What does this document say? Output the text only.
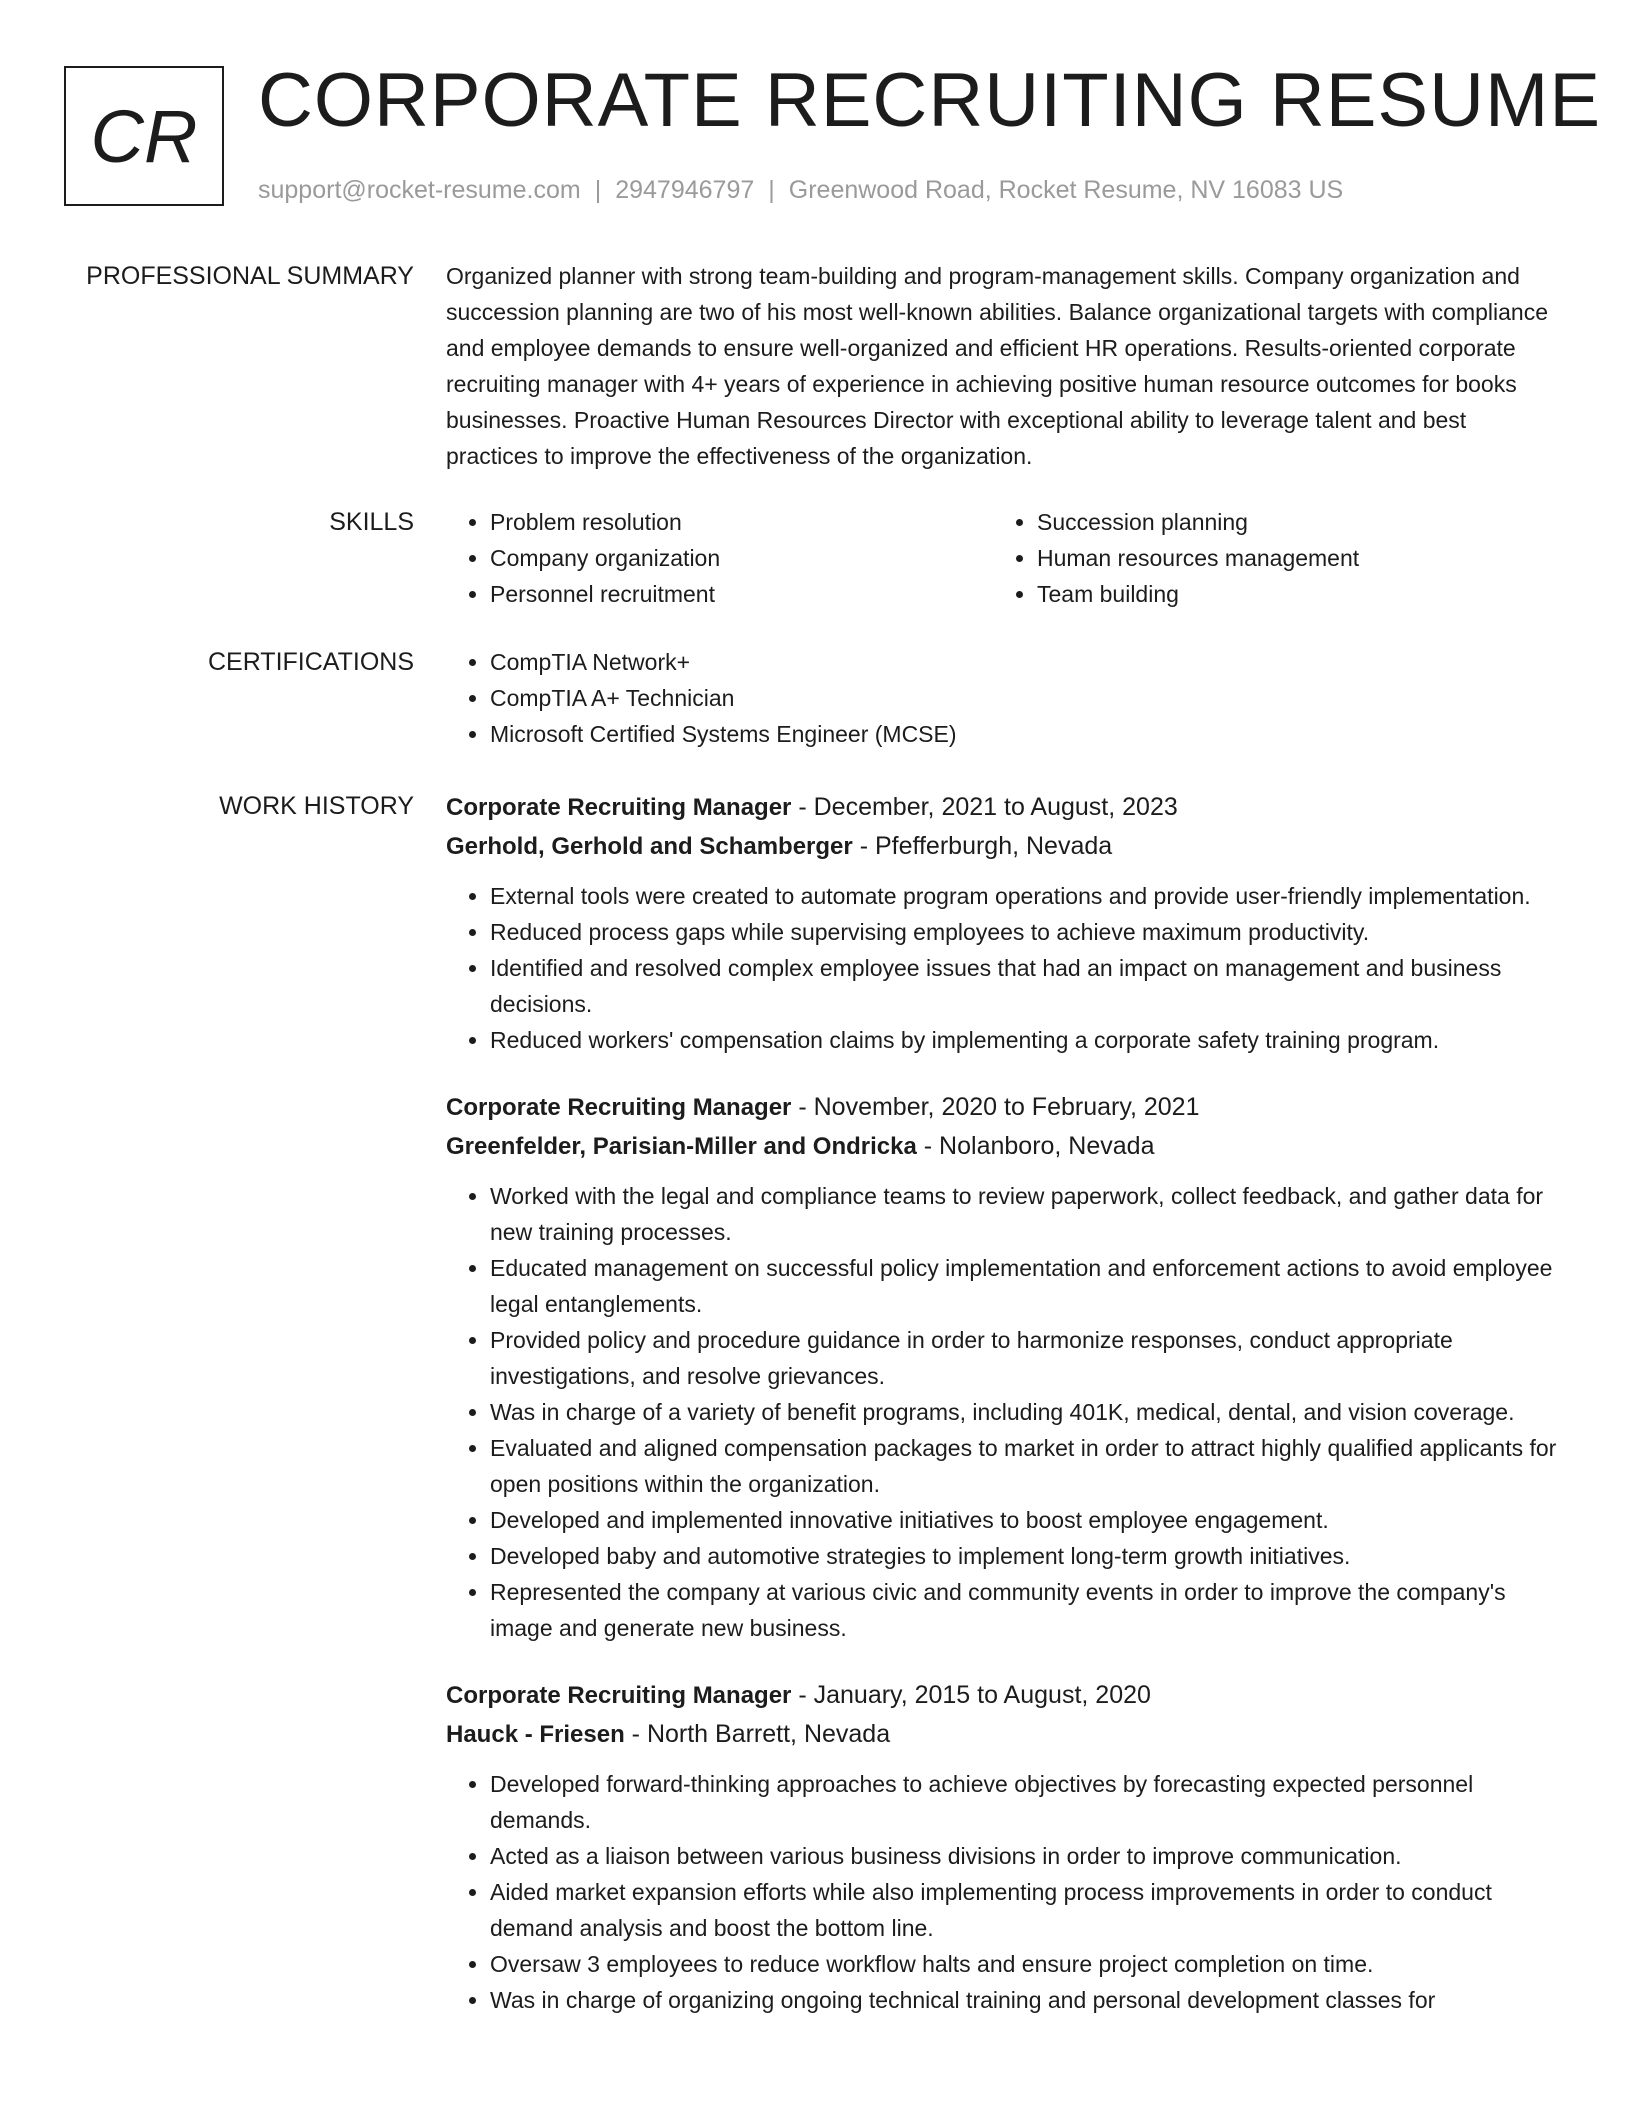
CR CORPORATE RECRUITING RESUME
support@rocket-resume.com | 2947946797 | Greenwood Road, Rocket Resume, NV 16083 US
PROFESSIONAL SUMMARY Organized planner with strong team-building and program-management skills. Company organization and succession planning are two of his most well-known abilities. Balance organizational targets with compliance and employee demands to ensure well-organized and efficient HR operations. Results-oriented corporate recruiting manager with 4+ years of experience in achieving positive human resource outcomes for books businesses. Proactive Human Resources Director with exceptional ability to leverage talent and best practices to improve the effectiveness of the organization.

SKILLS	• Problem resolution
• Company organization
• Personnel recruitment
• Succession planning
• Human resources management
• Team building
CERTIFICATIONS	• CompTIA Network+
• CompTIA A+ Technician
• Microsoft Certified Systems Engineer (MCSE)
WORK HISTORY Corporate Recruiting Manager - December, 2021 to August, 2023
Gerhold, Gerhold and Schamberger - Pfefferburgh, Nevada
• External tools were created to automate program operations and provide user-friendly implementation.
• Reduced process gaps while supervising employees to achieve maximum productivity.
• Identified and resolved complex employee issues that had an impact on management and business decisions.
• Reduced workers' compensation claims by implementing a corporate safety training program.
Corporate Recruiting Manager - November, 2020 to February, 2021
Greenfelder, Parisian-Miller and Ondricka - Nolanboro, Nevada
• Worked with the legal and compliance teams to review paperwork, collect feedback, and gather data for new training processes.
• Educated management on successful policy implementation and enforcement actions to avoid employee legal entanglements.
• Provided policy and procedure guidance in order to harmonize responses, conduct appropriate investigations, and resolve grievances.
• Was in charge of a variety of benefit programs, including 401K, medical, dental, and vision coverage.
• Evaluated and aligned compensation packages to market in order to attract highly qualified applicants for open positions within the organization.
• Developed and implemented innovative initiatives to boost employee engagement.
• Developed baby and automotive strategies to implement long-term growth initiatives.
• Represented the company at various civic and community events in order to improve the company's image and generate new business.
Corporate Recruiting Manager - January, 2015 to August, 2020
Hauck - Friesen - North Barrett, Nevada
• Developed forward-thinking approaches to achieve objectives by forecasting expected personnel demands.
• Acted as a liaison between various business divisions in order to improve communication.
• Aided market expansion efforts while also implementing process improvements in order to conduct demand analysis and boost the bottom line.
• Oversaw 3 employees to reduce workflow halts and ensure project completion on time.
• Was in charge of organizing ongoing technical training and personal development classes for
